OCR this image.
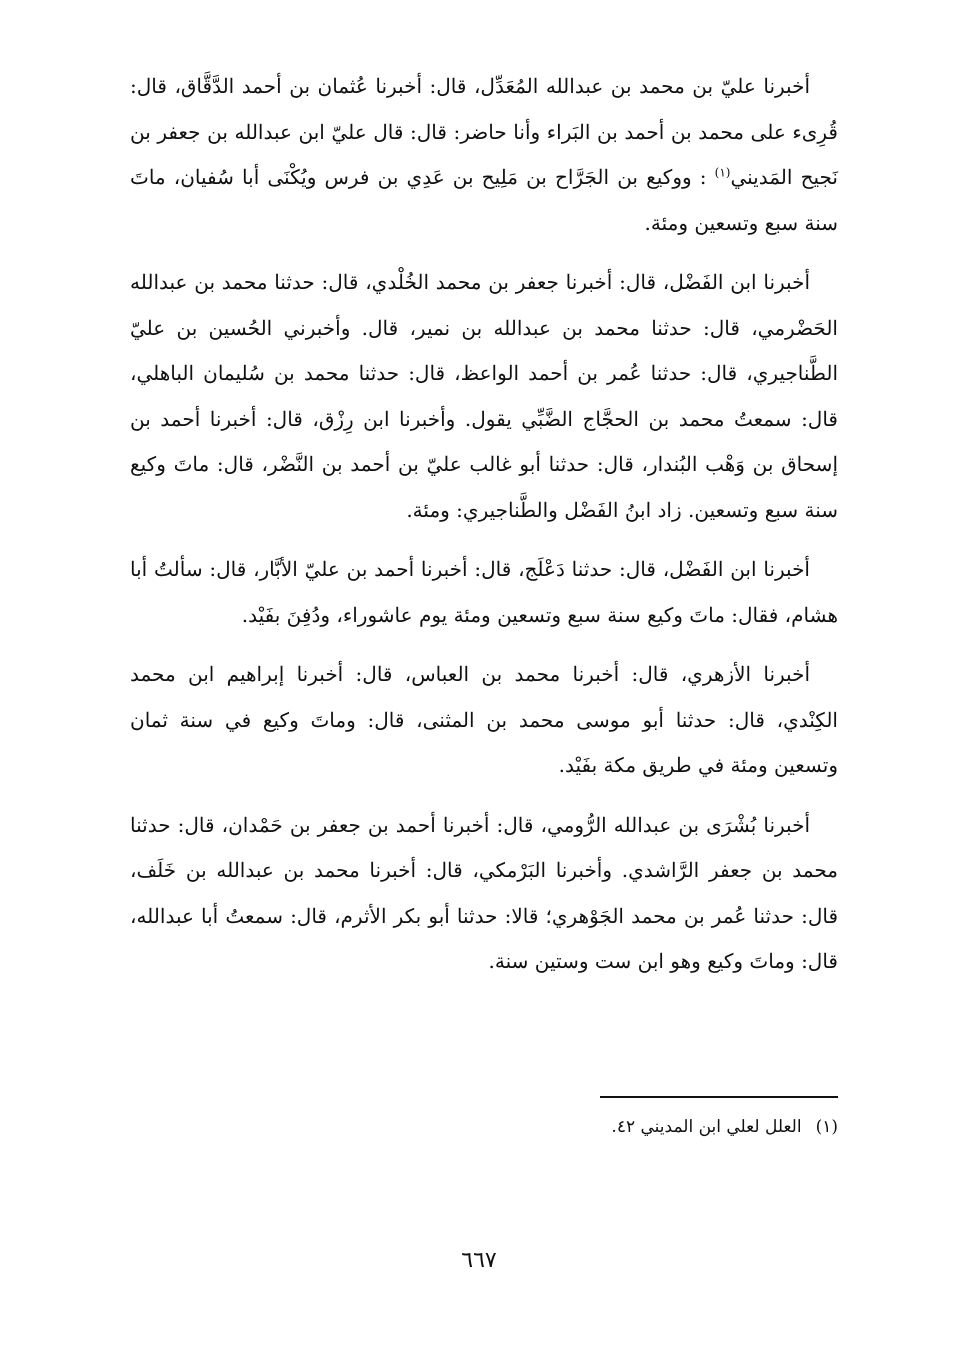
أخبرنا عليّ بن محمد بن عبدالله المُعَدِّل، قال: أخبرنا عُثمان بن أحمد الدَّقَّاق، قال: قُرِىء على محمد بن أحمد بن البَراء وأنا حاضر: قال: قال عليّ ابن عبدالله بن جعفر بن نَجيح المَديني$^{(١)}$ : ووكيع بن الجَرَّاح بن مَلِيح بن عَدِي بن فرس ويُكْنَى أبا سُفيان، ماتَ سنة سبع وتسعين ومئة.

أخبرنا ابن الفَضْل، قال: أخبرنا جعفر بن محمد الخُلْدي، قال: حدثنا محمد بن عبدالله الحَضْرمي، قال: حدثنا محمد بن عبدالله بن نمير، قال. وأخبرني الحُسين بن عليّ الطَّناجيري، قال: حدثنا عُمر بن أحمد الواعظ، قال: حدثنا محمد بن سُليمان الباهلي، قال: سمعتُ محمد بن الحجَّاج الضَّبِّي يقول. وأخبرنا ابن رِزْق، قال: أخبرنا أحمد بن إسحاق بن وَهْب البُندار، قال: حدثنا أبو غالب عليّ بن أحمد بن النَّضْر، قال: ماتَ وكيع سنة سبع وتسعين. زاد ابنُ الفَضْل والطَّناجيري: ومئة.

أخبرنا ابن الفَضْل، قال: حدثنا دَعْلَج، قال: أخبرنا أحمد بن عليّ الأبَّار، قال: سألتُ أبا هشام، فقال: ماتَ وكيع سنة سبع وتسعين ومئة يوم عاشوراء، ودُفِنَ بفَيْد.

أخبرنا الأزهري، قال: أخبرنا محمد بن العباس، قال: أخبرنا إبراهيم ابن محمد الكِنْدي، قال: حدثنا أبو موسى محمد بن المثنى، قال: وماتَ وكيع في سنة ثمان وتسعين ومئة في طريق مكة بفَيْد.

أخبرنا بُشْرَى بن عبدالله الرُّومي، قال: أخبرنا أحمد بن جعفر بن حَمْدان، قال: حدثنا محمد بن جعفر الرَّاشدي. وأخبرنا البَرْمكي، قال: أخبرنا محمد بن عبدالله بن خَلَف، قال: حدثنا عُمر بن محمد الجَوْهري؛ قالا: حدثنا أبو بكر الأثرم، قال: سمعتُ أبا عبدالله، قال: وماتَ وكيع وهو ابن ست وستين سنة.

(١)العلل لعلي ابن المديني ٤٢.
٦٦٧
